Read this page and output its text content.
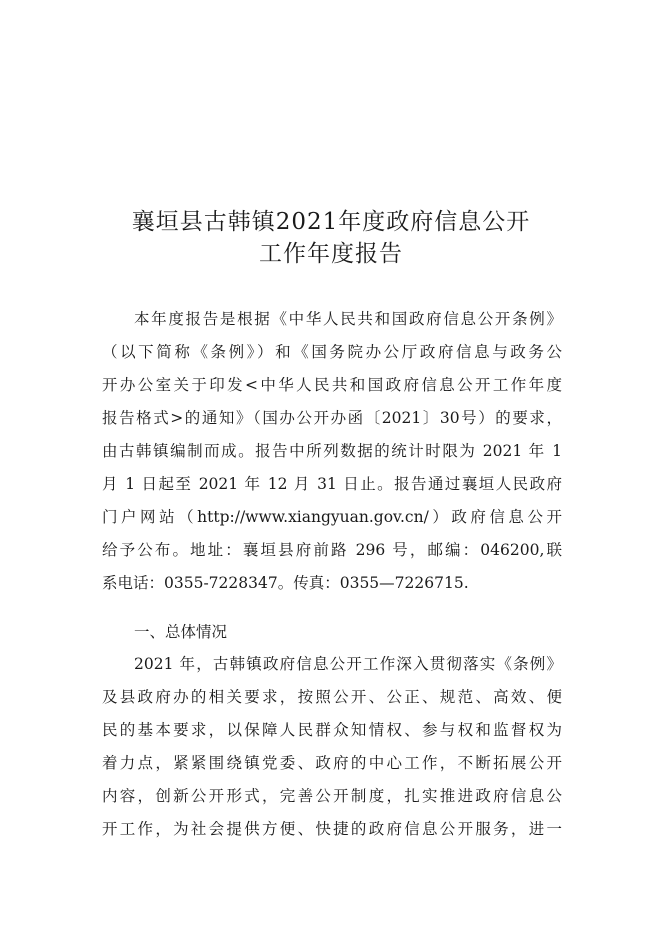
襄垣县古韩镇2021年度政府信息公开
工作年度报告
本年度报告是根据《中华人民共和国政府信息公开条例》
（以下简称《条例》）和《国务院办公厅政府信息与政务公
开办公室关于印发<中华人民共和国政府信息公开工作年度
报告格式>的通知》（国办公开办函〔2021〕30号）的要求，
由古韩镇编制而成。报告中所列数据的统计时限为 2021 年 1
月 1 日起至 2021 年 12 月 31 日止。报告通过襄垣人民政府
门户网站（http://www.xiangyuan.gov.cn/）政府信息公开
给予公布。地址：襄垣县府前路 296 号，邮编：046200,联
系电话：0355-7228347。传真：0355—7226715.
一、总体情况
2021 年，古韩镇政府信息公开工作深入贯彻落实《条例》
及县政府办的相关要求，按照公开、公正、规范、高效、便
民的基本要求，以保障人民群众知情权、参与权和监督权为
着力点，紧紧围绕镇党委、政府的中心工作，不断拓展公开
内容，创新公开形式，完善公开制度，扎实推进政府信息公
开工作，为社会提供方便、快捷的政府信息公开服务，进一
